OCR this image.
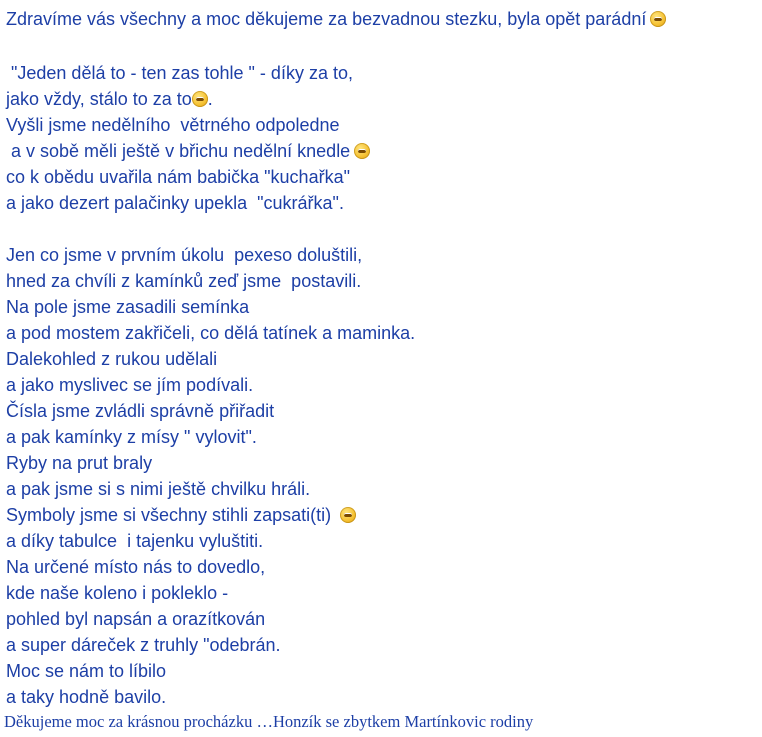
Zdravíme vás všechny a moc děkujeme za bezvadnou stezku, byla opět parádní
"Jeden dělá to - ten zas tohle " - díky za to,
jako vždy, stálo to za to .
Vyšli jsme nedělního  větrného odpoledne
a v sobě měli ještě v břichu nedělní knedle
co k obědu uvařila nám babička "kuchařka"
a jako dezert palačinky upekla  "cukrářka".
Jen co jsme v prvním úkolu  pexeso doluštili,
hned za chvíli z kamínků zeď jsme  postavili.
Na pole jsme zasadili semínka
a pod mostem zakřičeli, co dělá tatínek a maminka.
Dalekohled z rukou udělali
a jako myslivec se jím podívali.
Čísla jsme zvládli správně přiřadit
a pak kamínky z mísy " vylovit".
Ryby na prut braly
a pak jsme si s nimi ještě chvilku hráli.
Symboly jsme si všechny stihli zapsati(ti)
a díky tabulce  i tajenku vyluštiti.
Na určené místo nás to dovedlo,
kde naše koleno i pokleklo -
pohled byl napsán a orazítkován
a super dáreček z truhly "odebrán.
Moc se nám to líbilo
a taky hodně bavilo.
Děkujeme moc za krásnou procházku …Honzík se zbytkem Martínkovic rodiny
